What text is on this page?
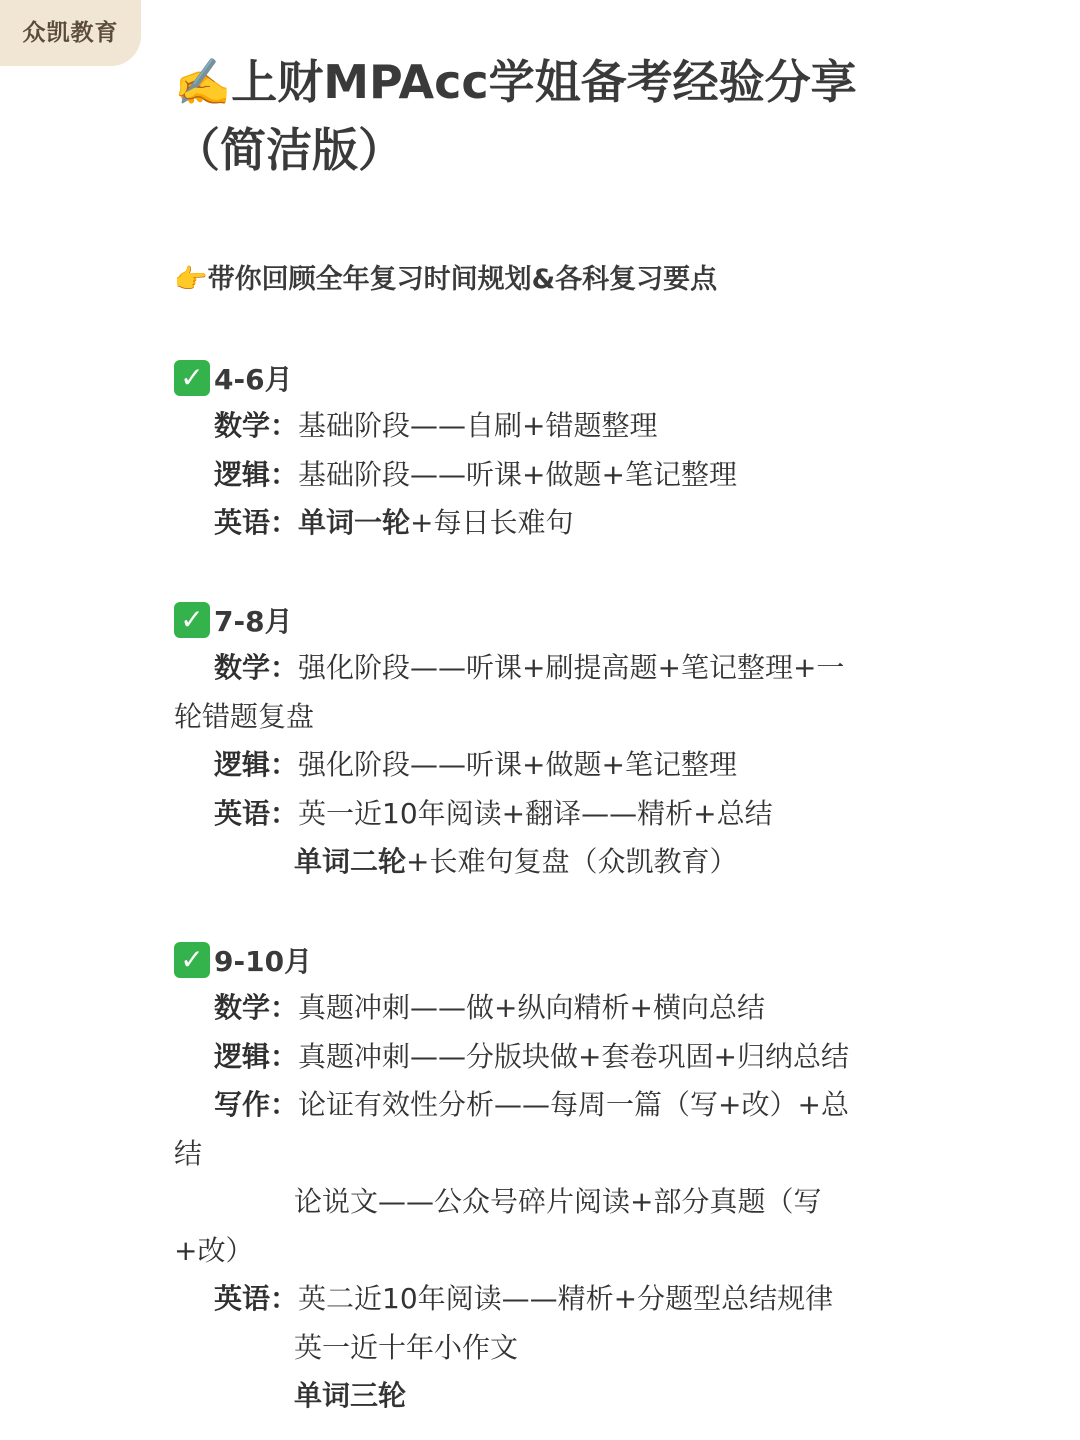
众凯教育
✍️上财MPAcc学姐备考经验分享（简洁版）
👉带你回顾全年复习时间规划&各科复习要点
✓ 4-6月
数学：基础阶段——自刷+错题整理
逻辑：基础阶段——听课+做题+笔记整理
英语：单词一轮+每日长难句
✓ 7-8月
数学：强化阶段——听课+刷提高题+笔记整理+一
轮错题复盘
逻辑：强化阶段——听课+做题+笔记整理
英语：英一近10年阅读+翻译——精析+总结
单词二轮+长难句复盘（众凯教育）
✓ 9-10月
数学：真题冲刺——做+纵向精析+横向总结
逻辑：真题冲刺——分版块做+套卷巩固+归纳总结
写作：论证有效性分析——每周一篇（写+改）+总
结
论说文——公众号碎片阅读+部分真题（写
+改）
英语：英二近10年阅读——精析+分题型总结规律
英一近十年小作文
单词三轮
